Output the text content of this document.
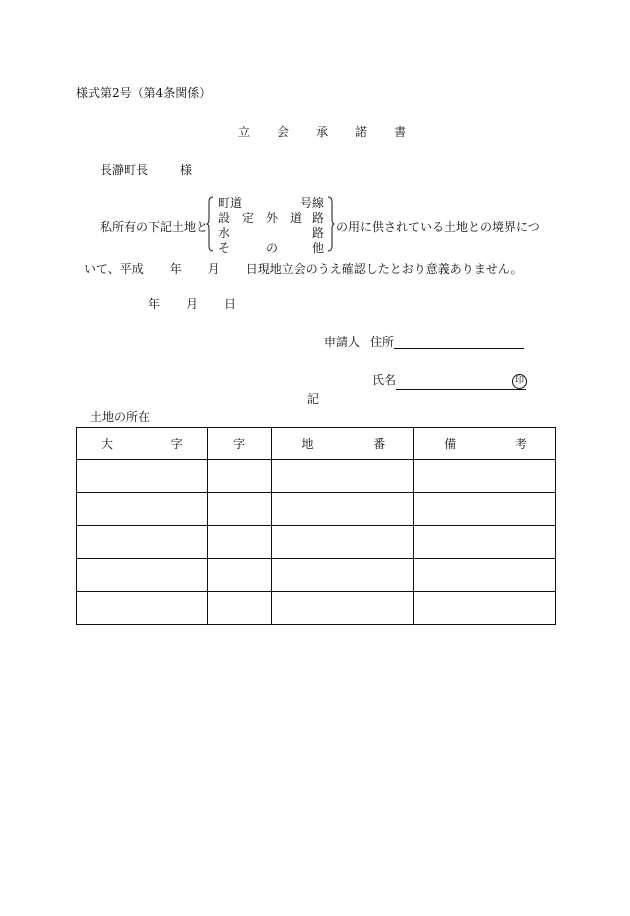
様式第2号（第4条関係）
立 会 承 諾 書
長瀞町長	様
私所有の下記土地と
町道	号線
設　定　外　道 路
水	路
そ　　　の	他
の用に供されている土地との境界につ
いて、平成 年 月 日現地立会のうえ確認したとおり意義ありません。
年 月 日
申請人 住所
氏名	印
記
土地の所在
大 字	字	地 番	備 考
